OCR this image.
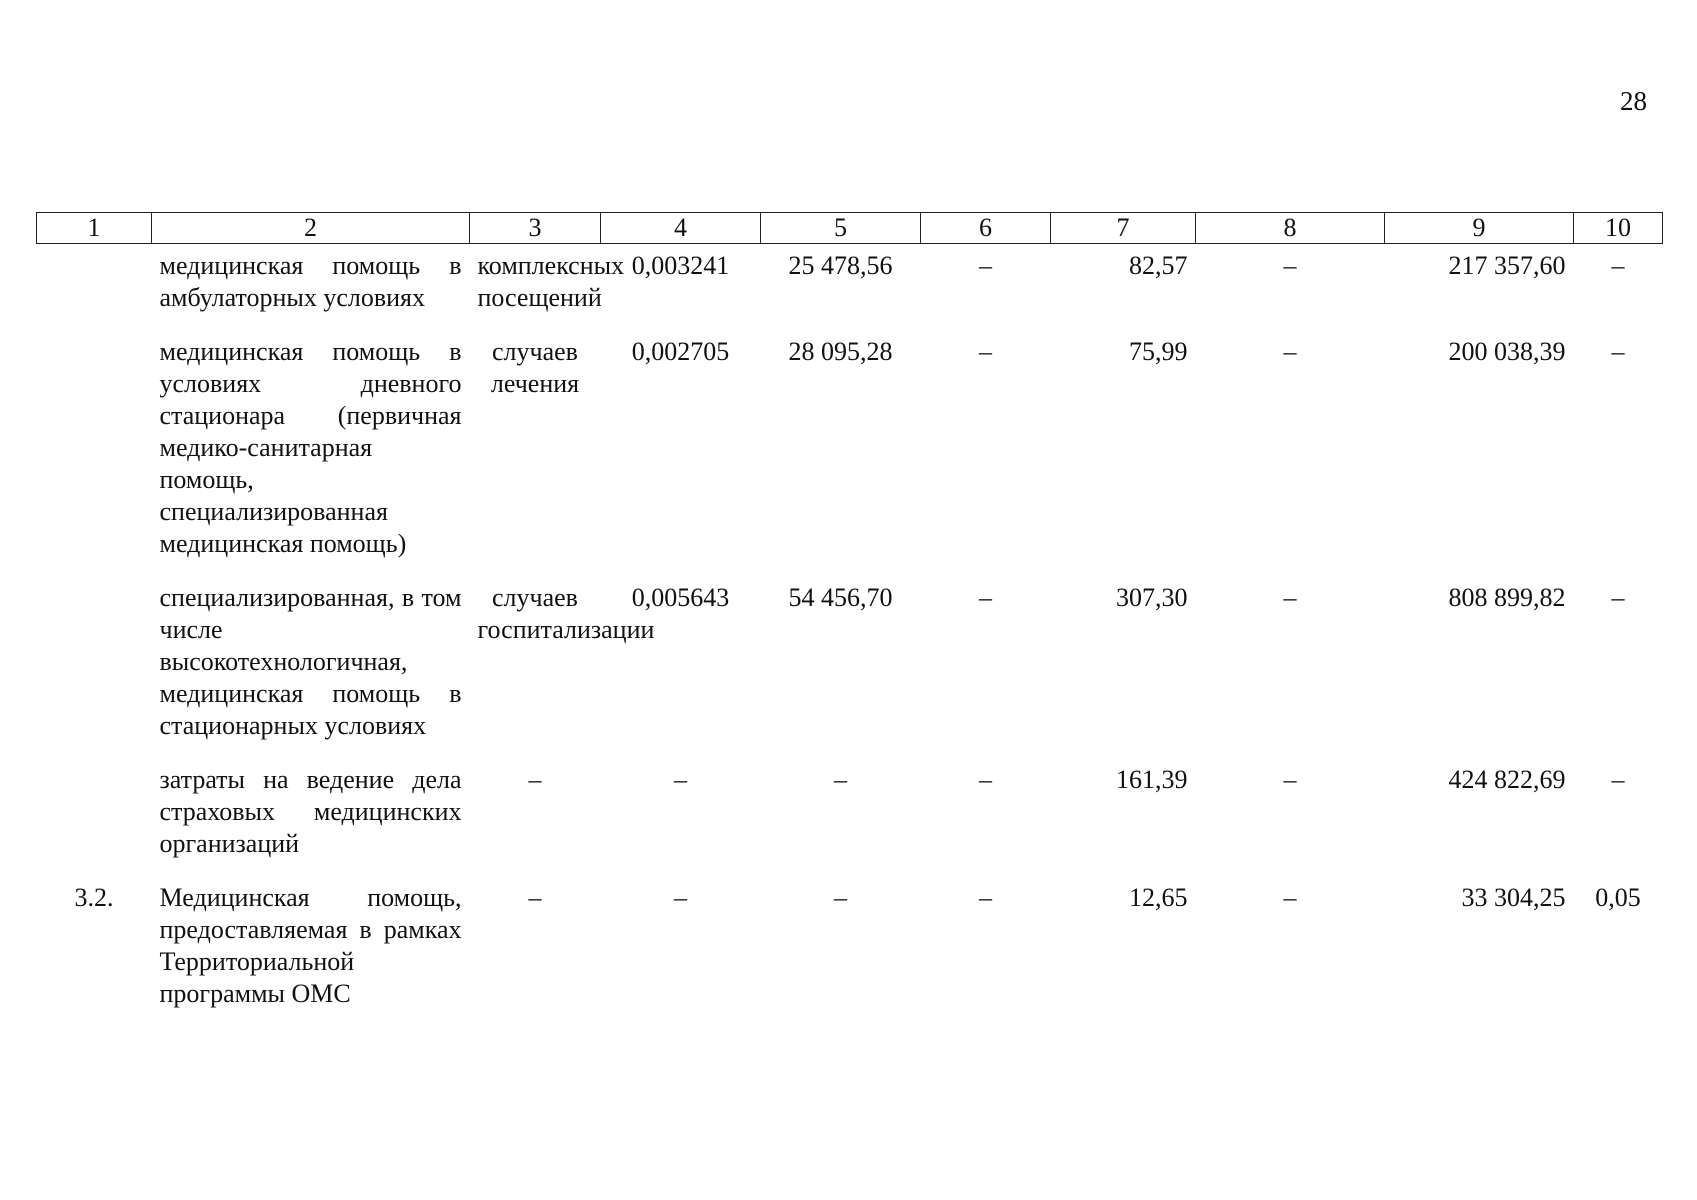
28
1	2	3	4	5	6	7	8	9	10
	медицинская помощь в амбулаторных условиях	комплексных посещений	0,003241	25 478,56	–	82,57	–	217 357,60	–

	медицинская помощь в условиях дневного стационара (первичная медико-санитарная помощь, специализированная медицинская помощь)	случаев лечения	0,002705	28 095,28	–	75,99	–	200 038,39	–

	специализированная, в том числе высокотехнологичная, медицинская помощь в стационарных условиях	случаев госпитализации	0,005643	54 456,70	–	307,30	–	808 899,82	–

	затраты на ведение дела страховых медицинских организаций	–	–	–	–	161,39	–	424 822,69	–

3.2.	Медицинская помощь, предоставляемая в рамках Территориальной программы ОМС	–	–	–	–	12,65	–	33 304,25	0,05
